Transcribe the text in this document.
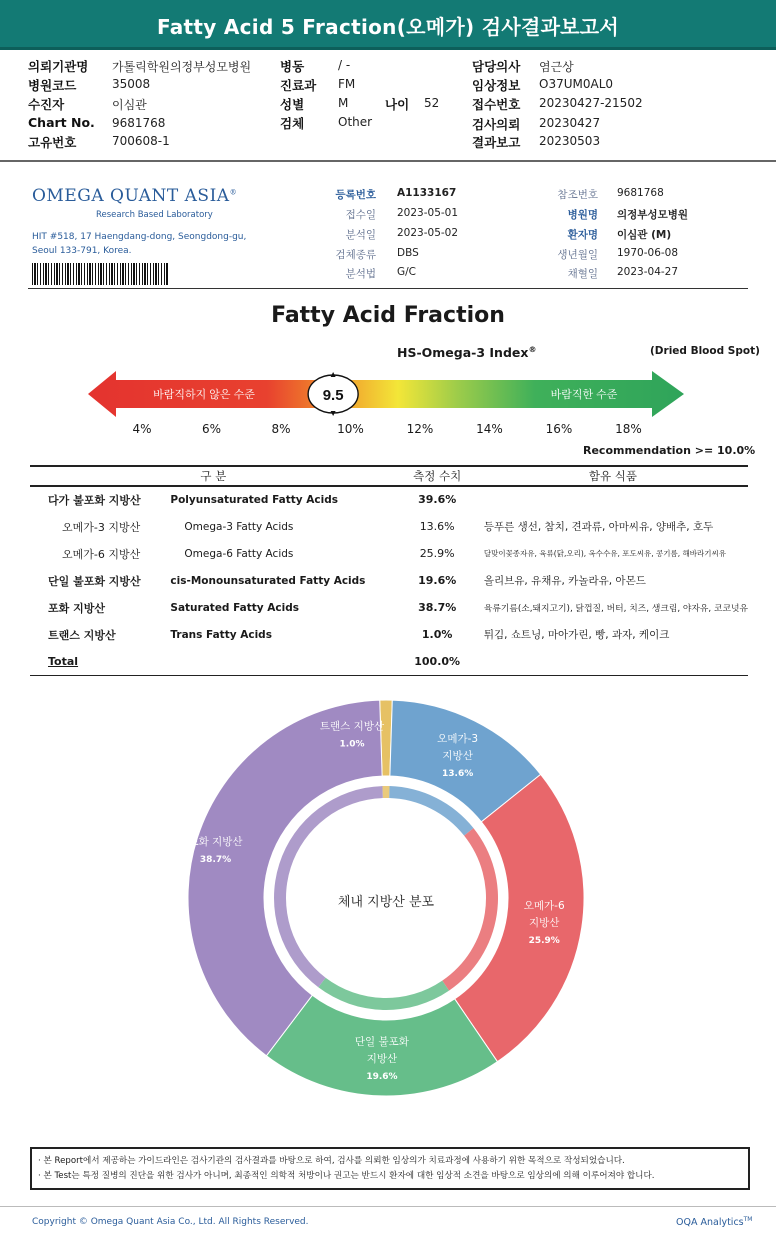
Fatty Acid 5 Fraction(오메가) 검사결과보고서
의뢰기관명 가톨릭학원의정부성모병원 병동	/ -	담당의사 염근상
병원코드	35008	진료과 FM	임상정보 O37UM0AL0
수진자	이심관	성별	M	나이 52	접수번호 20230427-21502
Chart No. 9681768	검체	Other	검사의뢰 20230427
고유번호	700608-1	결과보고 20230503
OMEGA QUANT ASIA®
Research Based Laboratory
HIT #518, 17 Haengdang-dong, Seongdong-gu,
Seoul 133-791, Korea.
등록번호 A1133167	참조번호 9681768
접수일 2023-05-01	병원명 의정부성모병원
분석일 2023-05-02	환자명 이심관 (M)
검체종류 DBS	생년월일 1970-06-08
분석법 G/C	채혈일 2023-04-27
Fatty Acid Fraction
HS-Omega-3 Index®	(Dried Blood Spot)
바람직하지 않은 수준	바람직한 수준
9.5
4%	6%	8%	10%	12%	14%	16%	18%
Recommendation >= 10.0%
구 분		측정 수치	함유 식품
다가 불포화 지방산	Polyunsaturated Fatty Acids	39.6%	
오메가-3 지방산	Omega-3 Fatty Acids	13.6%	등푸른 생선, 참치, 견과류, 아마씨유, 양배추, 호두
오메가-6 지방산	Omega-6 Fatty Acids	25.9%	달맞이꽃종자유, 육류(닭,오리), 옥수수유, 포도씨유, 콩기름, 해바라기씨유
단일 불포화 지방산	cis-Monounsaturated Fatty Acids	19.6%	올리브유, 유채유, 카놀라유, 아몬드
포화 지방산	Saturated Fatty Acids	38.7%	육류기름(소,돼지고기), 닭껍질, 버터, 치즈, 생크림, 야자유, 코코넛유
트랜스 지방산	Trans Fatty Acids	1.0%	튀김, 쇼트닝, 마아가린, 빵, 과자, 케이크
Total		100.0%	
체내 지방산 분포
트랜스 지방산 1.0%	오메가-3 지방산 13.6%
오메가-6 지방산 25.9%
단일 불포화 지방산 19.6%
포화 지방산 38.7%
· 본 Report에서 제공하는 가이드라인은 검사기관의 검사결과를 바탕으로 하여, 검사를 의뢰한 임상의가 치료과정에 사용하기 위한 목적으로 작성되었습니다.
· 본 Test는 특정 질병의 진단을 위한 검사가 아니며, 최종적인 의학적 처방이나 권고는 반드시 환자에 대한 임상적 소견을 바탕으로 임상의에 의해 이루어져야 합니다.
Copyright © Omega Quant Asia Co., Ltd. All Rights Reserved.	OQA Analytics™
